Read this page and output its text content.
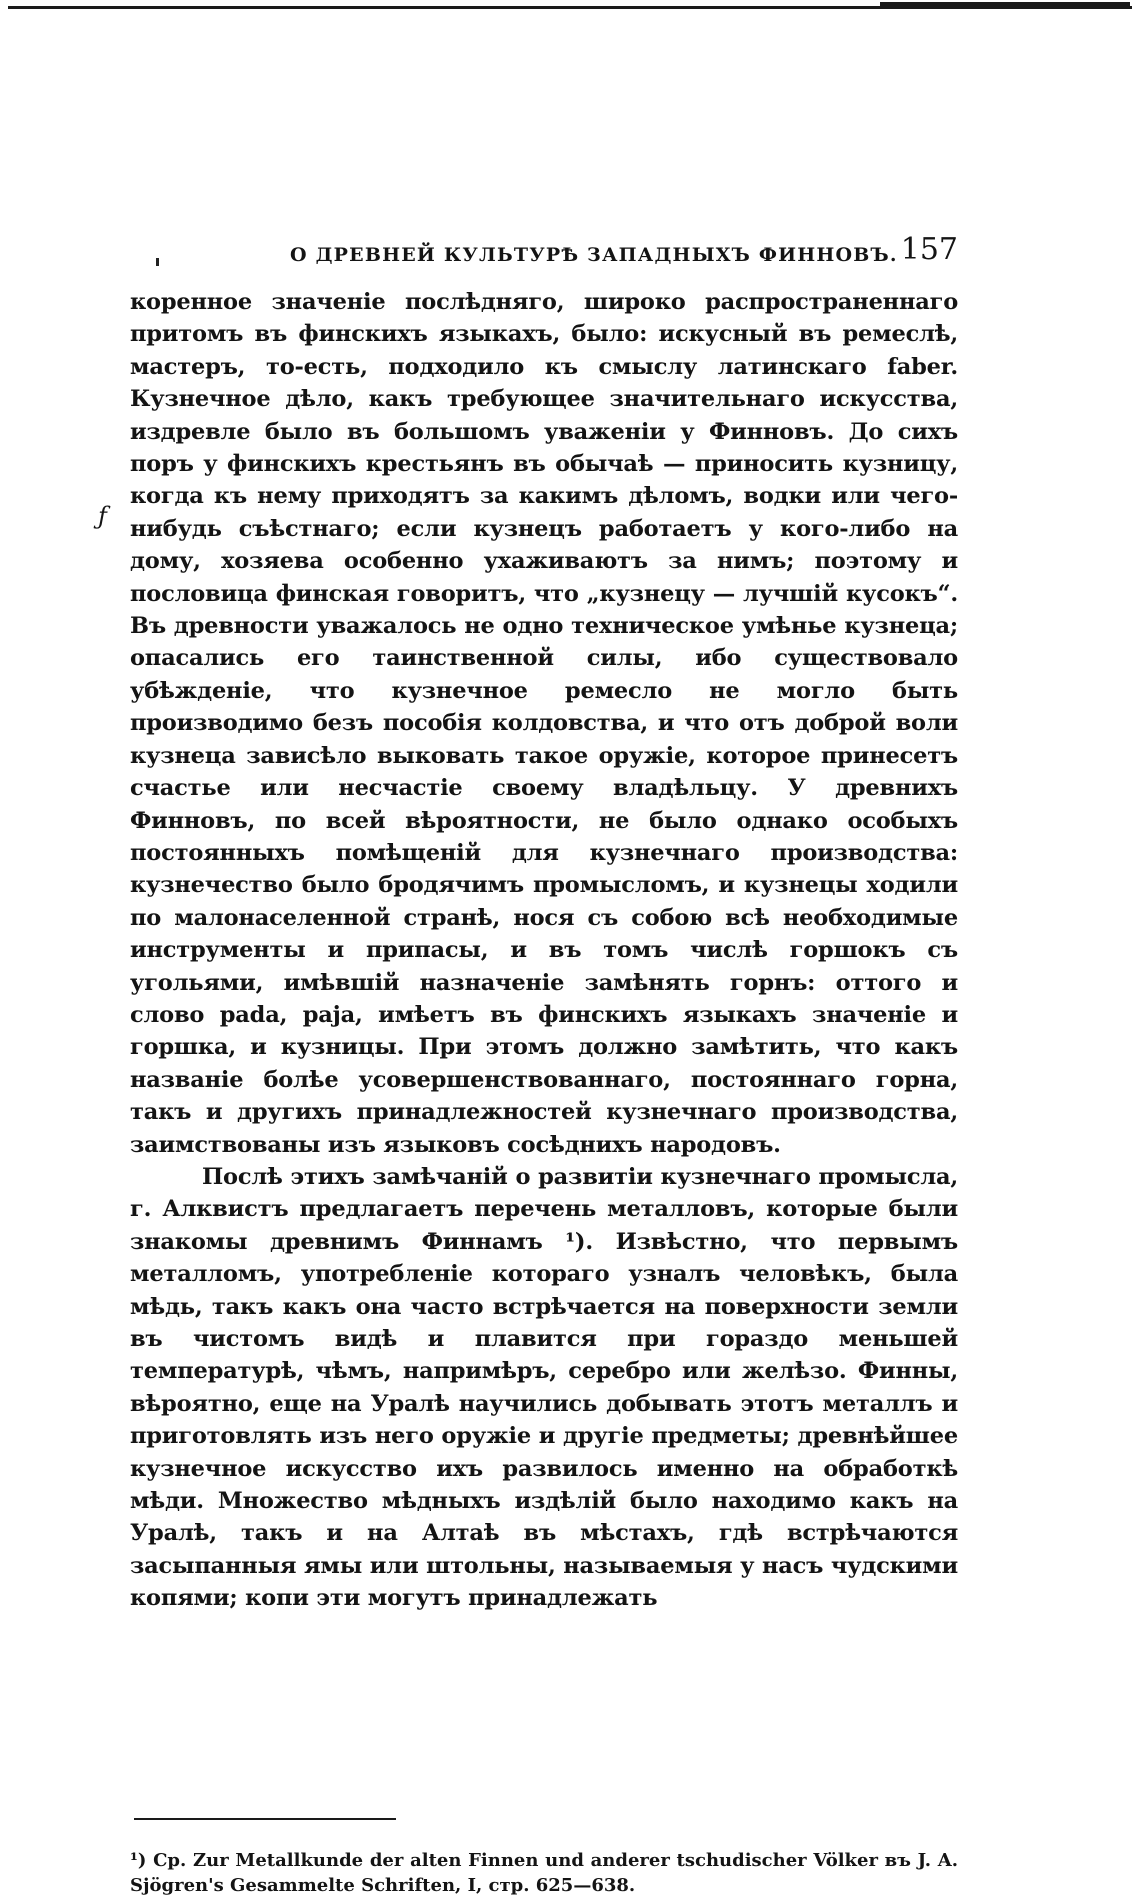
О ДРЕВНЕЙ КУЛЬТУРѢ ЗАПАДНЫХЪ ФИННОВЪ. 157
ƒ

коренное значеніе послѣдняго, широко распространеннаго притомъ въ финскихъ языкахъ, было: искусный въ ремеслѣ, мастеръ, то-есть, подходило къ смыслу латинскаго faber. Кузнечное дѣло, какъ требующее значительнаго искусства, издревле было въ большомъ уваженіи у Финновъ. До сихъ поръ у финскихъ крестьянъ въ обычаѣ — приносить кузницу, когда къ нему приходятъ за какимъ дѣломъ, водки или чего-нибудь съѣстнаго; если кузнецъ работаетъ у кого-либо на дому, хозяева особенно ухаживаютъ за нимъ; поэтому и пословица финская говоритъ, что „кузнецу — лучшій кусокъ“. Въ древности уважалось не одно техническое умѣнье кузнеца; опасались его таинственной силы, ибо существовало убѣжденіе, что кузнечное ремесло не могло быть производимо безъ пособія колдовства, и что отъ доброй воли кузнеца зависѣло выковать такое оружіе, которое принесетъ счастье или несчастіе своему владѣльцу. У древнихъ Финновъ, по всей вѣроятности, не было однако особыхъ постоянныхъ помѣщеній для кузнечнаго производства: кузнечество было бродячимъ промысломъ, и кузнецы ходили по малонаселенной странѣ, нося съ собою всѣ необходимые инструменты и припасы, и въ томъ числѣ горшокъ съ угольями, имѣвшій назначеніе замѣнять горнъ: оттого и слово pada, paja, имѣетъ въ финскихъ языкахъ значеніе и горшка, и кузницы. При этомъ должно замѣтить, что какъ названіе болѣе усовершенствованнаго, постояннаго горна, такъ и другихъ принадлежностей кузнечнаго производства, заимствованы изъ языковъ сосѣднихъ народовъ.

Послѣ этихъ замѣчаній о развитіи кузнечнаго промысла, г. Алквистъ предлагаетъ перечень металловъ, которые были знакомы древнимъ Финнамъ ¹). Извѣстно, что первымъ металломъ, употребленіе котораго узналъ человѣкъ, была мѣдь, такъ какъ она часто встрѣчается на поверхности земли въ чистомъ видѣ и плавится при гораздо меньшей температурѣ, чѣмъ, напримѣръ, серебро или желѣзо. Финны, вѣроятно, еще на Уралѣ научились добывать этотъ металлъ и приготовлять изъ него оружіе и другіе предметы; древнѣйшее кузнечное искусство ихъ развилось именно на обработкѣ мѣди. Множество мѣдныхъ издѣлій было находимо какъ на Уралѣ, такъ и на Алтаѣ въ мѣстахъ, гдѣ встрѣчаются засыпанныя ямы или штольны, называемыя у насъ чудскими копями; копи эти могутъ принадлежать

¹) Ср. Zur Metallkunde der alten Finnen und anderer tschudischer Völker въ J. A. Sjögren's Gesammelte Schriften, I, стр. 625—638.
